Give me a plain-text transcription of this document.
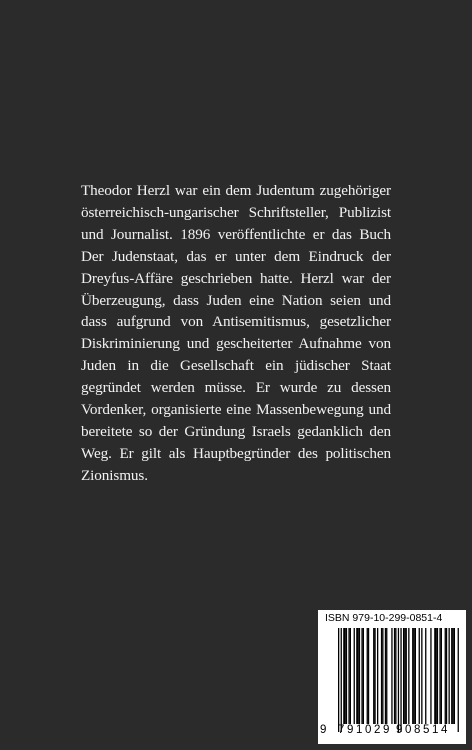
Theodor Herzl war ein dem Judentum zugehöriger österreichisch-ungarischer Schriftsteller, Publizist und Journalist. 1896 veröffentlichte er das Buch Der Judenstaat, das er unter dem Eindruck der Dreyfus-Affäre geschrieben hatte. Herzl war der Überzeugung, dass Juden eine Nation seien und dass aufgrund von Antisemitismus, gesetzlicher Diskriminierung und gescheiterter Aufnahme von Juden in die Gesellschaft ein jüdischer Staat gegründet werden müsse. Er wurde zu dessen Vordenker, organisierte eine Massenbewegung und bereitete so der Gründung Israels gedanklich den Weg. Er gilt als Hauptbegründer des politischen Zionismus.

ISBN 979-10-299-0851-4
9 791029 908514
